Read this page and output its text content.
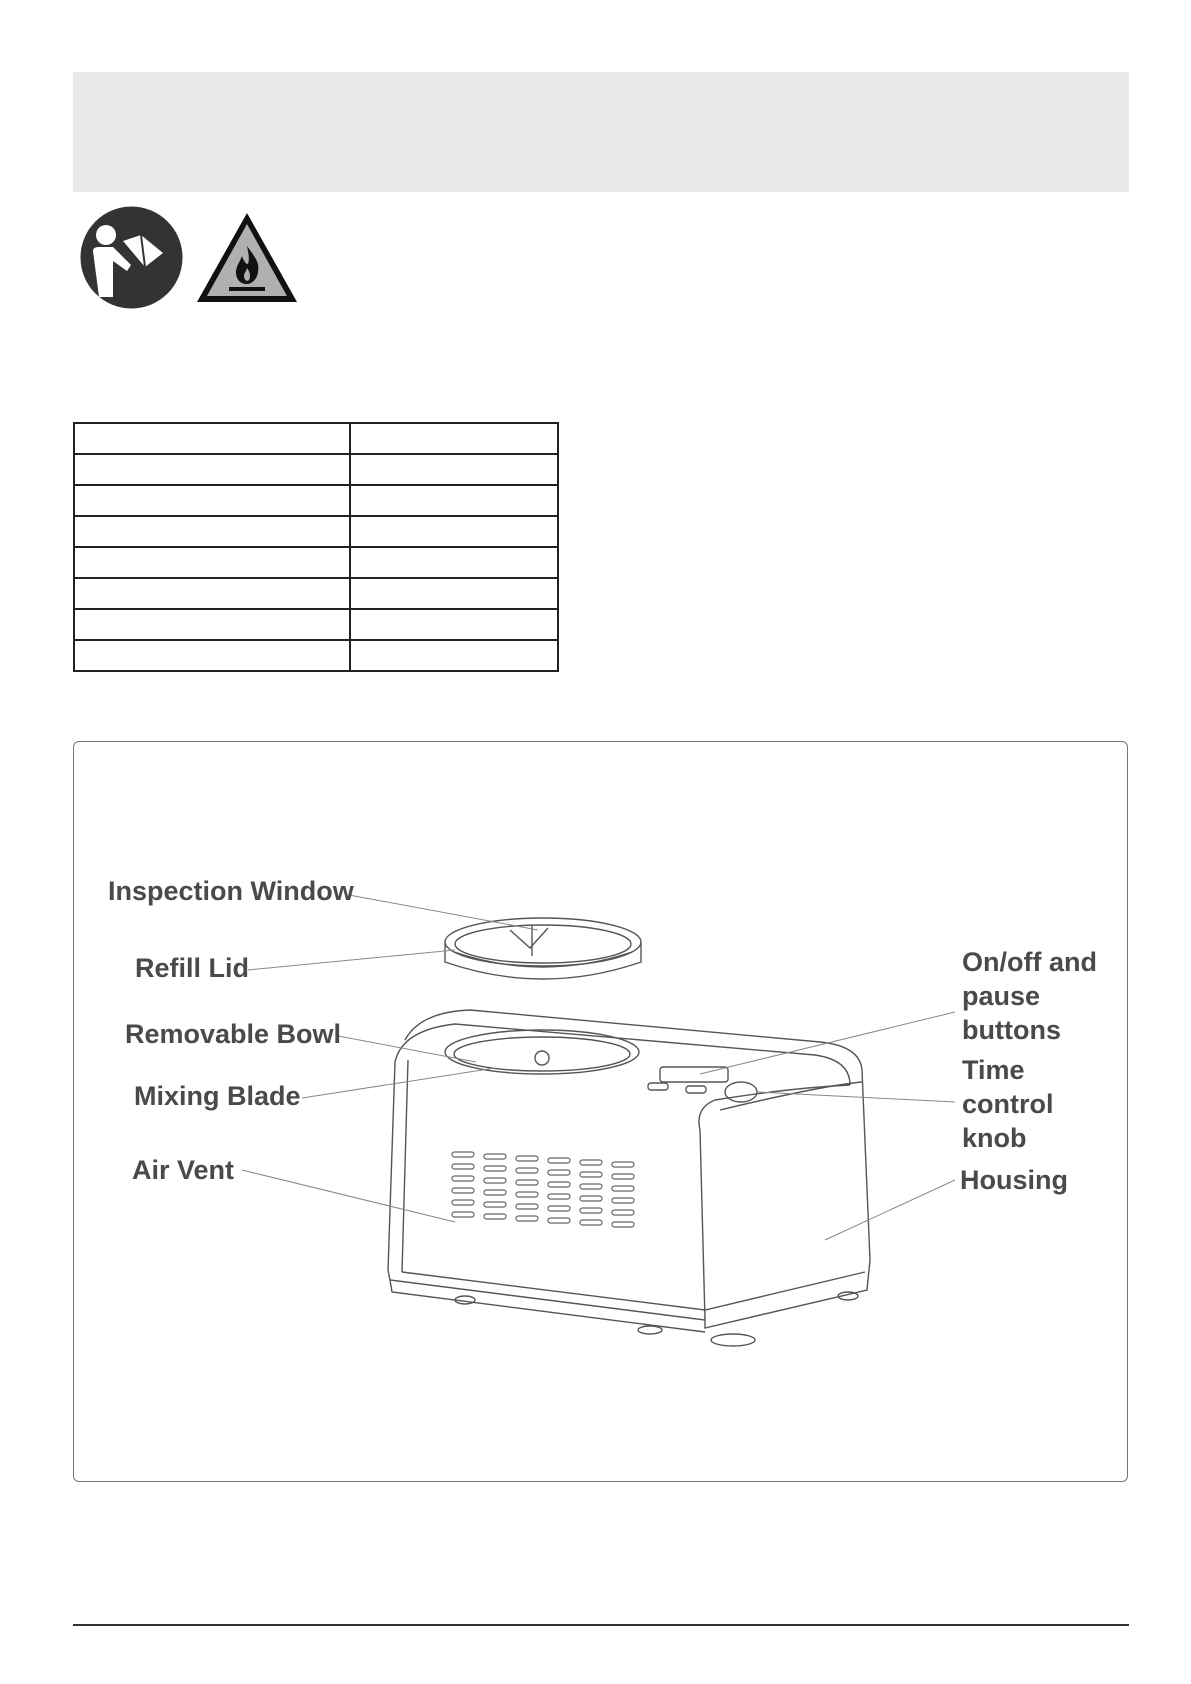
Inspection Window
Refill Lid
Removable Bowl
Mixing Blade
Air Vent
On/off and pause buttons
Time control knob
Housing
